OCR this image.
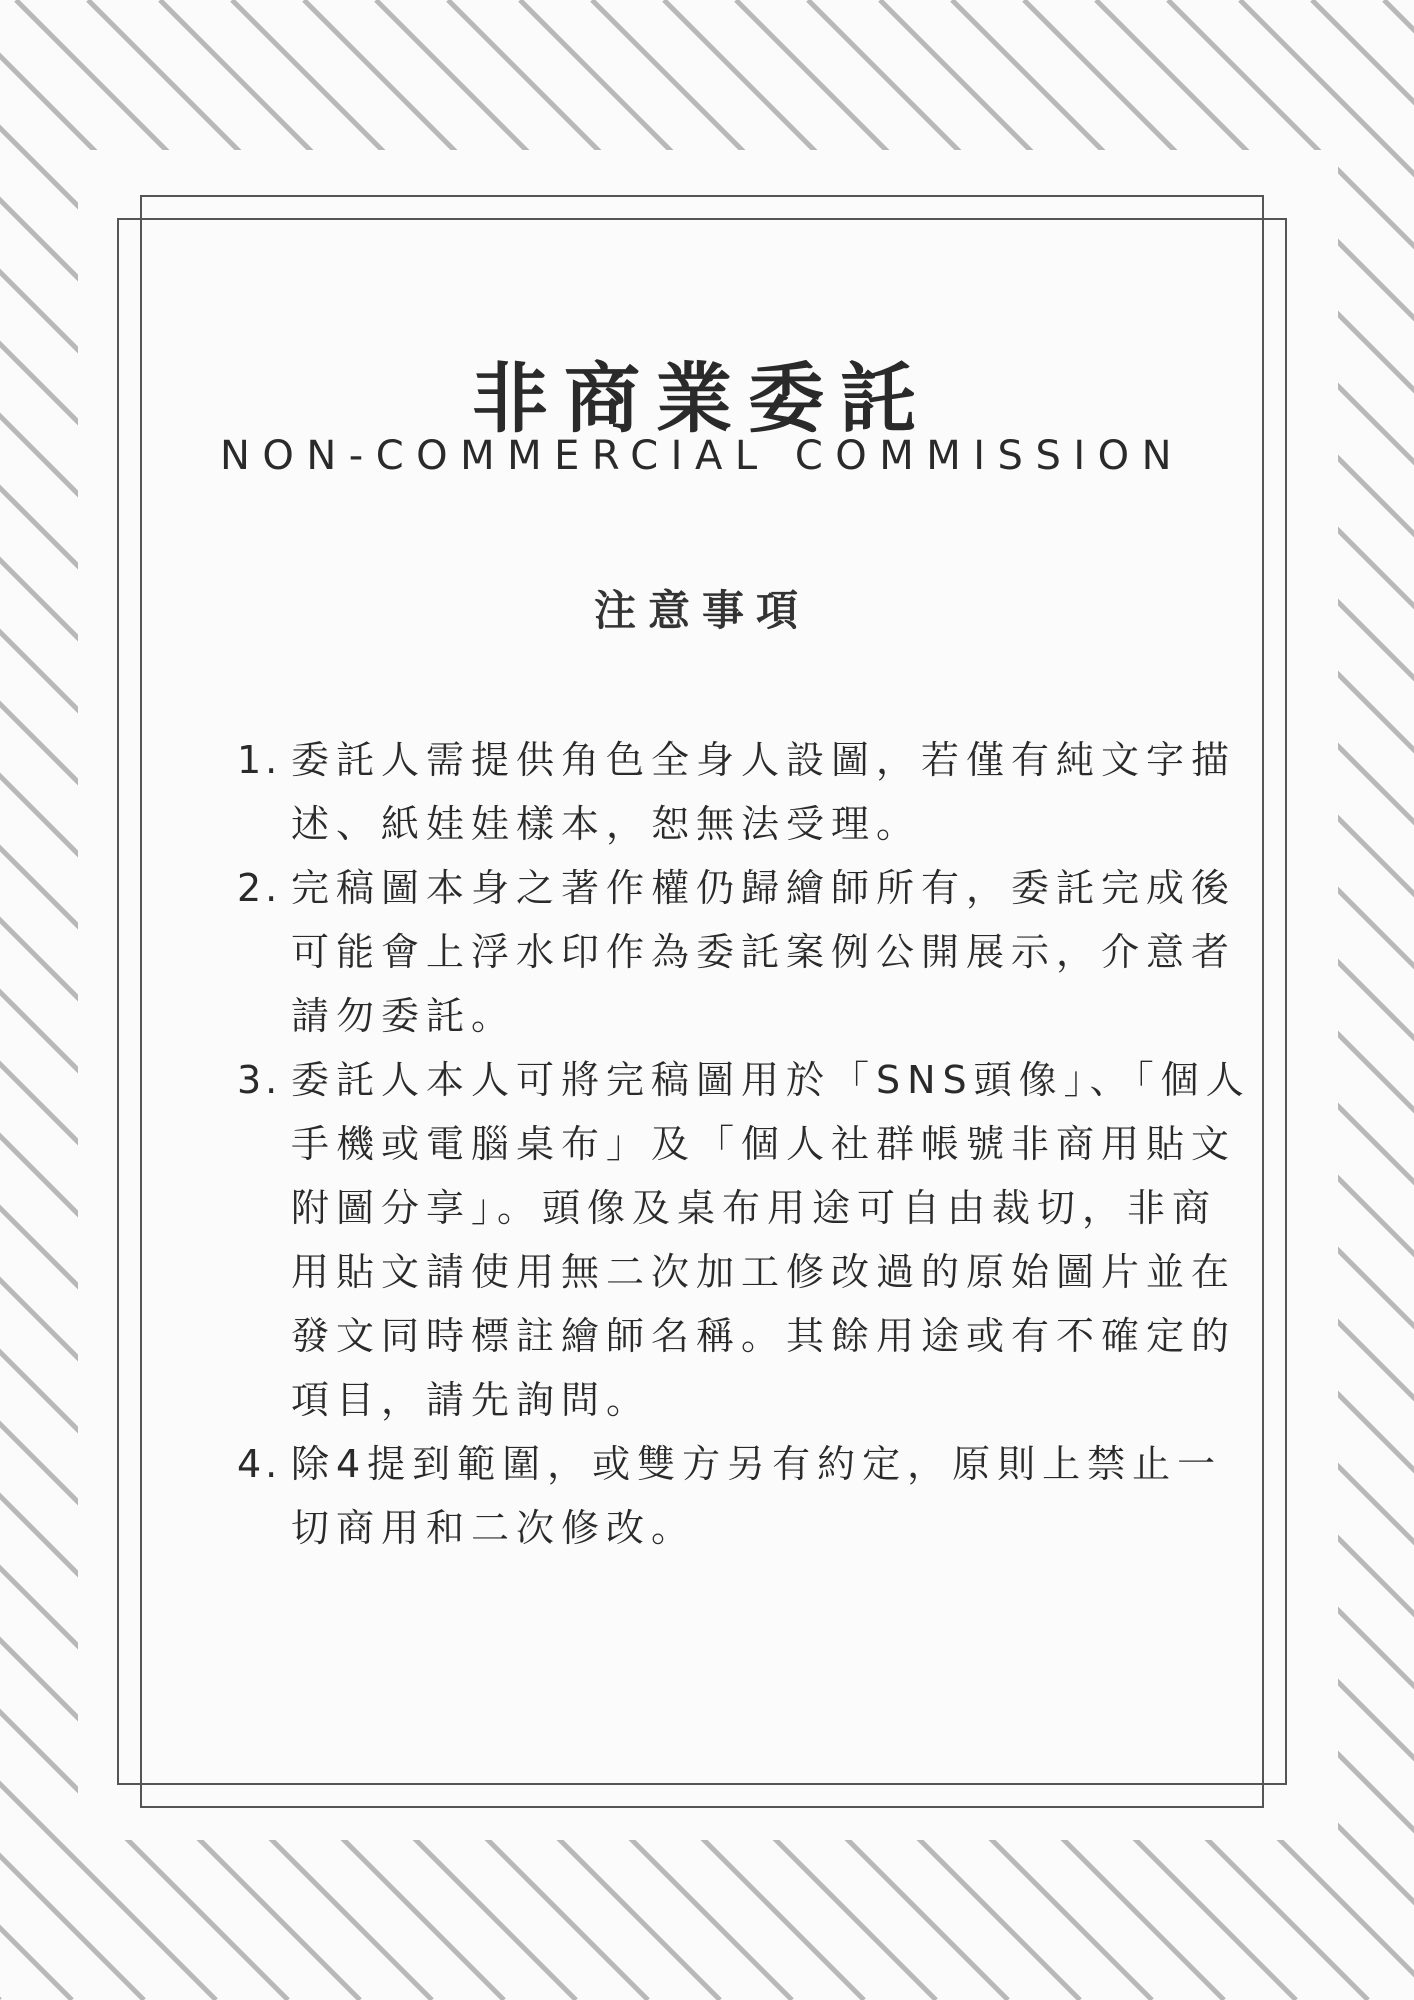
非商業委託
NON-COMMERCIAL COMMISSION
注意事項
1. 委託人需提供角色全身人設圖，若僅有純文字描述、紙娃娃樣本，恕無法受理。
2. 完稿圖本身之著作權仍歸繪師所有，委託完成後可能會上浮水印作為委託案例公開展示，介意者請勿委託。
3. 委託人本人可將完稿圖用於「SNS頭像」、「個人手機或電腦桌布」及「個人社群帳號非商用貼文附圖分享」。頭像及桌布用途可自由裁切，非商用貼文請使用無二次加工修改過的原始圖片並在發文同時標註繪師名稱。其餘用途或有不確定的項目，請先詢問。
4. 除4提到範圍，或雙方另有約定，原則上禁止一切商用和二次修改。
